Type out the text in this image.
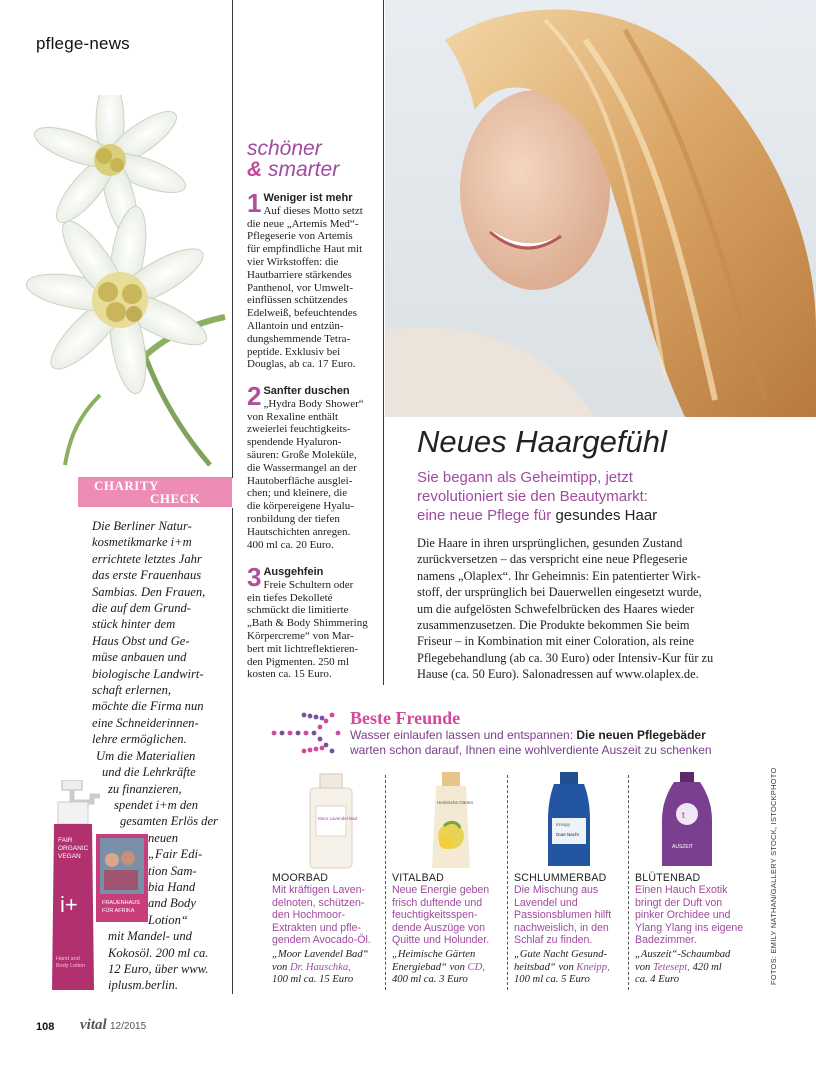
pflege-news
CHARITY
CHECK
Die Berliner Natur-
kosmetikmarke i+m
errichtete letztes Jahr
das erste Frauenhaus
Sambias. Den Frauen,
die auf dem Grund-
stück hinter dem
Haus Obst und Ge-
müse anbauen und
biologische Landwirt-
schaft erlernen,
möchte die Firma nun
eine Schneiderinnen-
lehre ermöglichen.
Um die Materialien
und die Lehrkräfte
zu finanzieren,
spendet i+m den
gesamten Erlös der
neuen
„Fair Edi-
tion Sam-
bia Hand
and Body
Lotion“
mit Mandel- und
Kokosöl. 200 ml ca.
12 Euro, über www.
iplusm.berlin.
FAIR
ORGANIC
VEGAN
i+
Hand and
Body Lotion
FRAUENHAUS
FÜR AFRIKA
108 vital 12/2015
schöner
& smarter
1 Weniger ist mehr
Auf dieses Motto setzt
die neue „Artemis Med“-
Pflegeserie von Artemis
für empfindliche Haut mit
vier Wirkstoffen: die
Hautbarriere stärkendes
Panthenol, vor Umwelt-
einflüssen schützendes
Edelweiß, befeuchtendes
Allantoin und entzün-
dungshemmende Tetra-
peptide. Exklusiv bei
Douglas, ab ca. 17 Euro.
2 Sanfter duschen
„Hydra Body Shower“
von Rexaline enthält
zweierlei feuchtigkeits-
spendende Hyaluron-
säuren: Große Moleküle,
die Wassermangel an der
Hautoberfläche ausglei-
chen; und kleinere, die
die körpereigene Hyalu-
ronbildung der tiefen
Hautschichten anregen.
400 ml ca. 20 Euro.
3 Ausgehfein
Freie Schultern oder
ein tiefes Dekolleté
schmückt die limitierte
„Bath & Body Shimmering
Körpercreme“ von Mar-
bert mit lichtreflektieren-
den Pigmenten. 250 ml
kosten ca. 15 Euro.
Neues Haargefühl
Sie begann als Geheimtipp, jetzt
revolutioniert sie den Beautymarkt:
eine neue Pflege für gesundes Haar
Die Haare in ihren ursprünglichen, gesunden Zustand
zurückversetzen – das verspricht eine neue Pflegeserie
namens „Olaplex“. Ihr Geheimnis: Ein patentierter Wirk-
stoff, der ursprünglich bei Dauerwellen eingesetzt wurde,
um die aufgelösten Schwefelbrücken des Haares wieder
zusammenzusetzen. Die Produkte bekommen Sie beim
Friseur – in Kombination mit einer Coloration, als reine
Pflegebehandlung (ab ca. 30 Euro) oder Intensiv-Kur für zu
Hause (ca. 50 Euro). Salonadressen auf www.olaplex.de.
Beste Freunde
Wasser einlaufen lassen und entspannen: Die neuen Pflegebäder
warten schon darauf, Ihnen eine wohlverdiente Auszeit zu schenken
Moor Lavendel Bad
Heimische Gärten
Kneipp
Gute Nacht
t
AUSZEIT
MOORBAD
Mit kräftigen Laven-
delnoten, schützen-
den Hochmoor-
Extrakten und pfle-
gendem Avocado-Öl.
„Moor Lavendel Bad“
von Dr. Hauschka,
100 ml ca. 15 Euro
VITALBAD
Neue Energie geben
frisch duftende und
feuchtigkeitsspen-
dende Auszüge von
Quitte und Holunder.
„Heimische Gärten
Energiebad“ von CD,
400 ml ca. 3 Euro
SCHLUMMERBAD
Die Mischung aus
Lavendel und
Passionsblumen hilft
nachweislich, in den
Schlaf zu finden.
„Gute Nacht Gesund-
heitsbad“ von Kneipp,
100 ml ca. 5 Euro
BLÜTENBAD
Einen Hauch Exotik
bringt der Duft von
pinker Orchidee und
Ylang Ylang ins eigene
Badezimmer.
„Auszeit“-Schaumbad
von Tetesept, 420 ml
ca. 4 Euro	FOTOS: EMILY NATHAN/GALLERY STOCK, ISTOCKPHOTO
